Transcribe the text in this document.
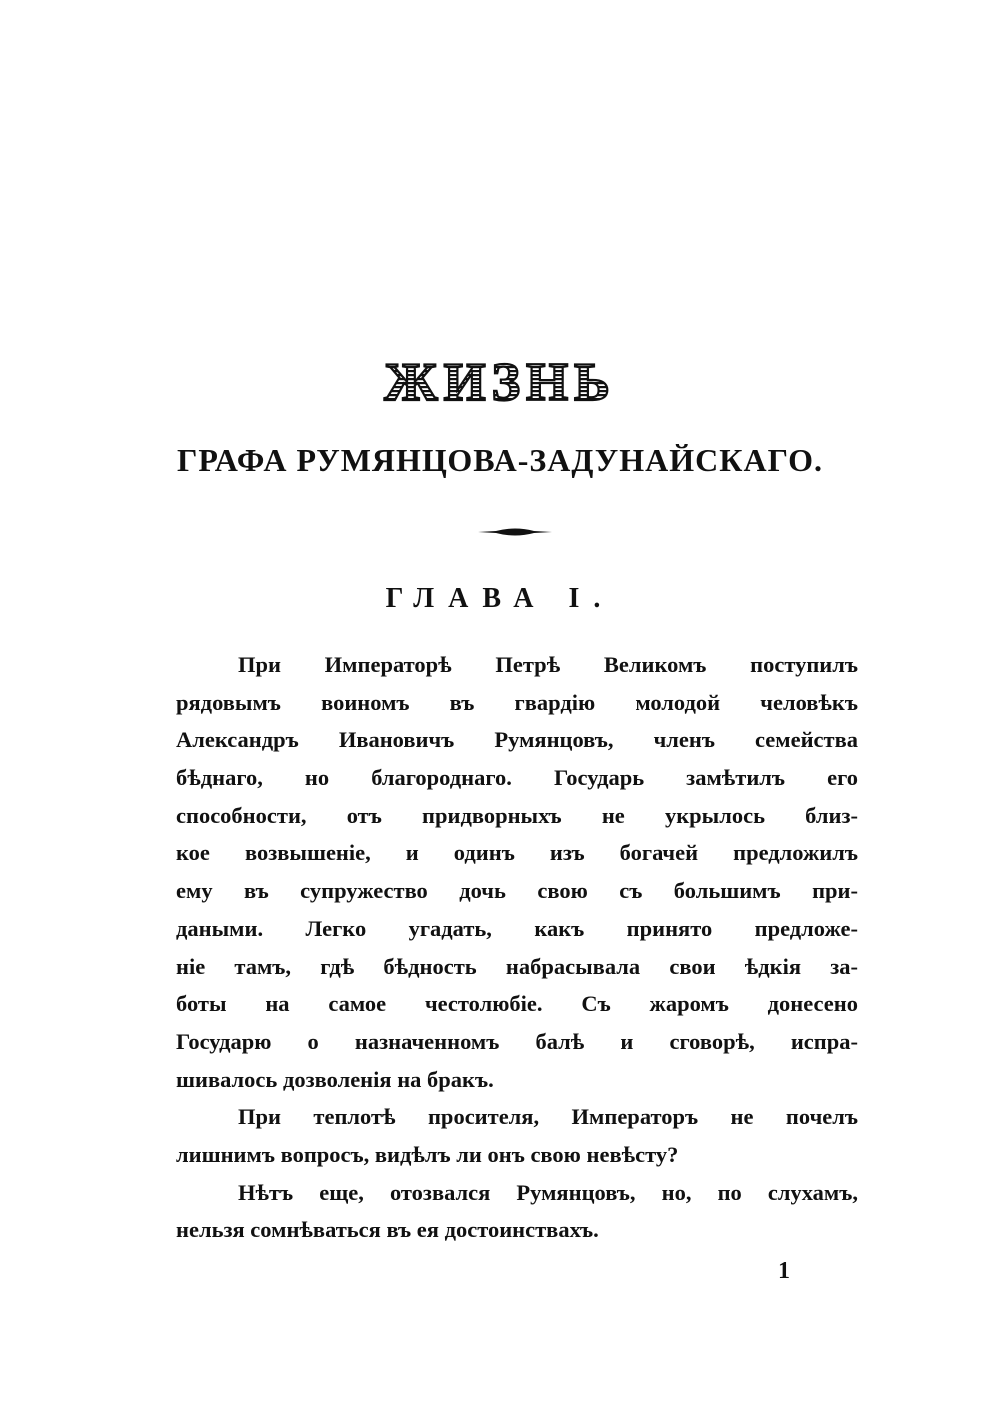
ЖИЗНЬ
ГРАФА РУМЯНЦОВА-ЗАДУНАЙСКАГО.
ГЛАВА I.
При Императорѣ Петрѣ Великомъ поступилъ
рядовымъ воиномъ въ гвардію молодой человѣкъ
Александръ Ивановичъ Румянцовъ, членъ семейства
бѣднаго, но благороднаго. Государь замѣтилъ его
способности, отъ придворныхъ не укрылось близ-
кое возвышеніе, и одинъ изъ богачей предложилъ
ему въ супружество дочь свою съ большимъ при-
даными. Легко угадать, какъ принято предложе-
ніе тамъ, гдѣ бѣдность набрасывала свои ѣдкія за-
боты на самое честолюбіе. Съ жаромъ донесено
Государю о назначенномъ балѣ и сговорѣ, испра-
шивалось дозволенія на бракъ.
При теплотѣ просителя, Императоръ не почелъ
лишнимъ вопросъ, видѣлъ ли онъ свою невѣсту?
Нѣтъ еще, отозвался Румянцовъ, но, по слухамъ,
нельзя сомнѣваться въ ея достоинствахъ.
1
